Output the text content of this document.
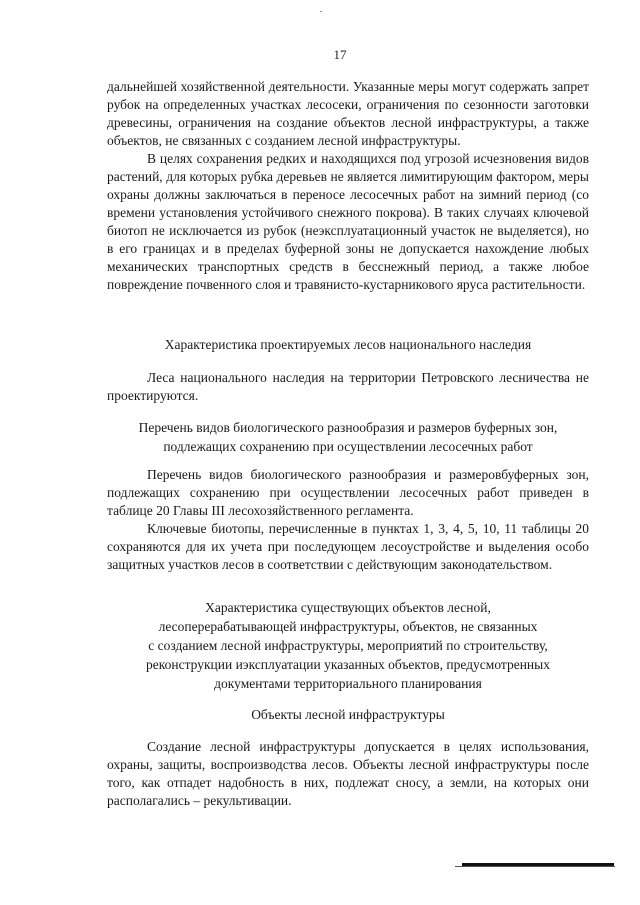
17

дальнейшей хозяйственной деятельности. Указанные меры могут содержать запрет рубок на определенных участках лесосеки, ограничения по сезонности заготовки древесины, ограничения на создание объектов лесной инфраструктуры, а также объектов, не связанных с созданием лесной инфраструктуры.

В целях сохранения редких и находящихся под угрозой исчезновения видов растений, для которых рубка деревьев не является лимитирующим фактором, меры охраны должны заключаться в переносе лесосечных работ на зимний период (со времени установления устойчивого снежного покрова). В таких случаях ключевой биотоп не исключается из рубок (неэксплуатационный участок не выделяется), но в его границах и в пределах буферной зоны не допускается нахождение любых механических транспортных средств в бесснежный период, а также любое повреждение почвенного слоя и травянисто-кустарникового яруса растительности.

Характеристика проектируемых лесов национального наследия

Леса национального наследия на территории Петровского лесничества не проектируются.

Перечень видов биологического разнообразия и размеров буферных зон,
подлежащих сохранению при осуществлении лесосечных работ

Перечень видов биологического разнообразия и размеровбуферных зон, подлежащих сохранению при осуществлении лесосечных работ приведен в таблице 20 Главы III лесохозяйственного регламента.

Ключевые биотопы, перечисленные в пунктах 1, 3, 4, 5, 10, 11 таблицы 20 сохраняются для их учета при последующем лесоустройстве и выделения особо защитных участков лесов в соответствии с действующим законодательством.

Характеристика существующих объектов лесной,
лесоперерабатывающей инфраструктуры, объектов, не связанных
с созданием лесной инфраструктуры, мероприятий по строительству,
реконструкции иэксплуатации указанных объектов, предусмотренных
документами территориального планирования
Объекты лесной инфраструктуры

Создание лесной инфраструктуры допускается в целях использования, охраны, защиты, воспроизводства лесов. Объекты лесной инфраструктуры после того, как отпадет надобность в них, подлежат сносу, а земли, на которых они располагались – рекультивации.
